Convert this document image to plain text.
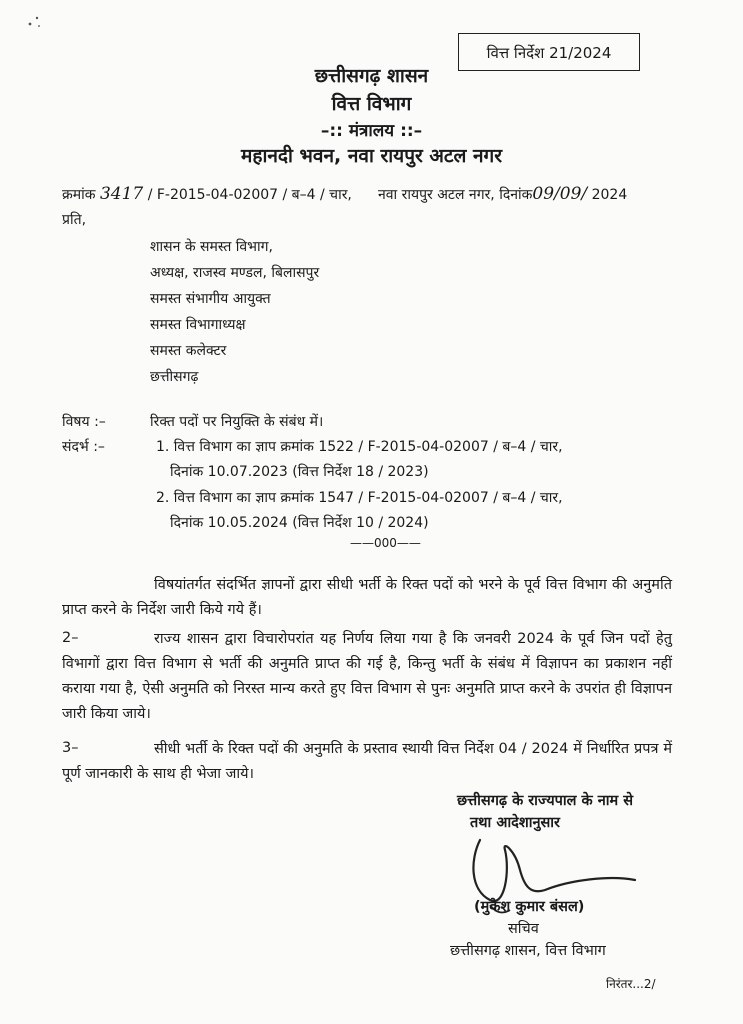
वित्त निर्देश 21/2024
छत्तीसगढ़ शासन
वित्त विभाग
–:: मंत्रालय ::–
महानदी भवन, नवा रायपुर अटल नगर
क्रमांक 3417 / F-2015-04-02007 / ब–4 / चार, नवा रायपुर अटल नगर, दिनांक09/09/ 2024
प्रति,
शासन के समस्त विभाग,
अध्यक्ष, राजस्व मण्डल, बिलासपुर
समस्त संभागीय आयुक्त
समस्त विभागाध्यक्ष
समस्त कलेक्टर
छत्तीसगढ़
विषय :–	रिक्त पदों पर नियुक्ति के संबंध में।
संदर्भ :–	1. वित्त विभाग का ज्ञाप क्रमांक 1522 / F-2015-04-02007 / ब–4 / चार,
दिनांक 10.07.2023 (वित्त निर्देश 18 / 2023)
2. वित्त विभाग का ज्ञाप क्रमांक 1547 / F-2015-04-02007 / ब–4 / चार,
दिनांक 10.05.2024 (वित्त निर्देश 10 / 2024)
——000——
विषयांतर्गत संदर्भित ज्ञापनों द्वारा सीधी भर्ती के रिक्त पदों को भरने के पूर्व वित्त विभाग की अनुमति प्राप्त करने के निर्देश जारी किये गये हैं।
2–	राज्य शासन द्वारा विचारोपरांत यह निर्णय लिया गया है कि जनवरी 2024 के पूर्व जिन पदों हेतु विभागों द्वारा वित्त विभाग से भर्ती की अनुमति प्राप्त की गई है, किन्तु भर्ती के संबंध में विज्ञापन का प्रकाशन नहीं कराया गया है, ऐसी अनुमति को निरस्त मान्य करते हुए वित्त विभाग से पुनः अनुमति प्राप्त करने के उपरांत ही विज्ञापन जारी किया जाये।
3–	सीधी भर्ती के रिक्त पदों की अनुमति के प्रस्ताव स्थायी वित्त निर्देश 04 / 2024 में निर्धारित प्रपत्र में पूर्ण जानकारी के साथ ही भेजा जाये।
छत्तीसगढ़ के राज्यपाल के नाम से
तथा आदेशानुसार
(मुकेश कुमार बंसल)
सचिव
छत्तीसगढ़ शासन, वित्त विभाग
निरंतर...2/
